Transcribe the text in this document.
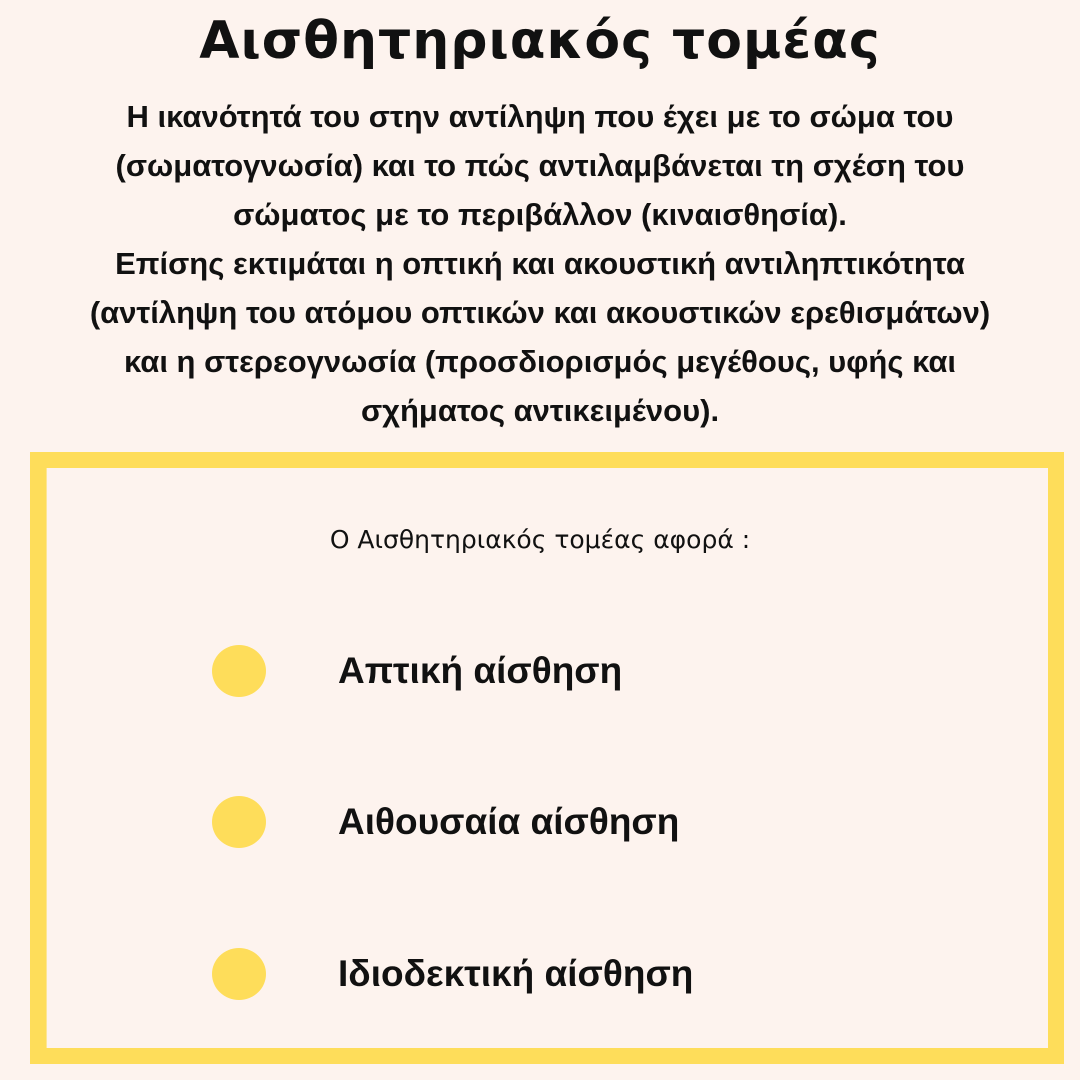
Αισθητηριακός τομέας

Η ικανότητά του στην αντίληψη που έχει με το σώμα του

(σωματογνωσία) και το πώς αντιλαμβάνεται τη σχέση του

σώματος με το περιβάλλον (κιναισθησία).

Επίσης εκτιμάται η οπτική και ακουστική αντιληπτικότητα

(αντίληψη του ατόμου οπτικών και ακουστικών ερεθισμάτων)

και η στερεογνωσία (προσδιορισμός μεγέθους, υφής και

σχήματος αντικειμένου).

Ο Αισθητηριακός τομέας αφορά :
Απτική αίσθηση
Αιθουσαία αίσθηση
Ιδιοδεκτική αίσθηση
